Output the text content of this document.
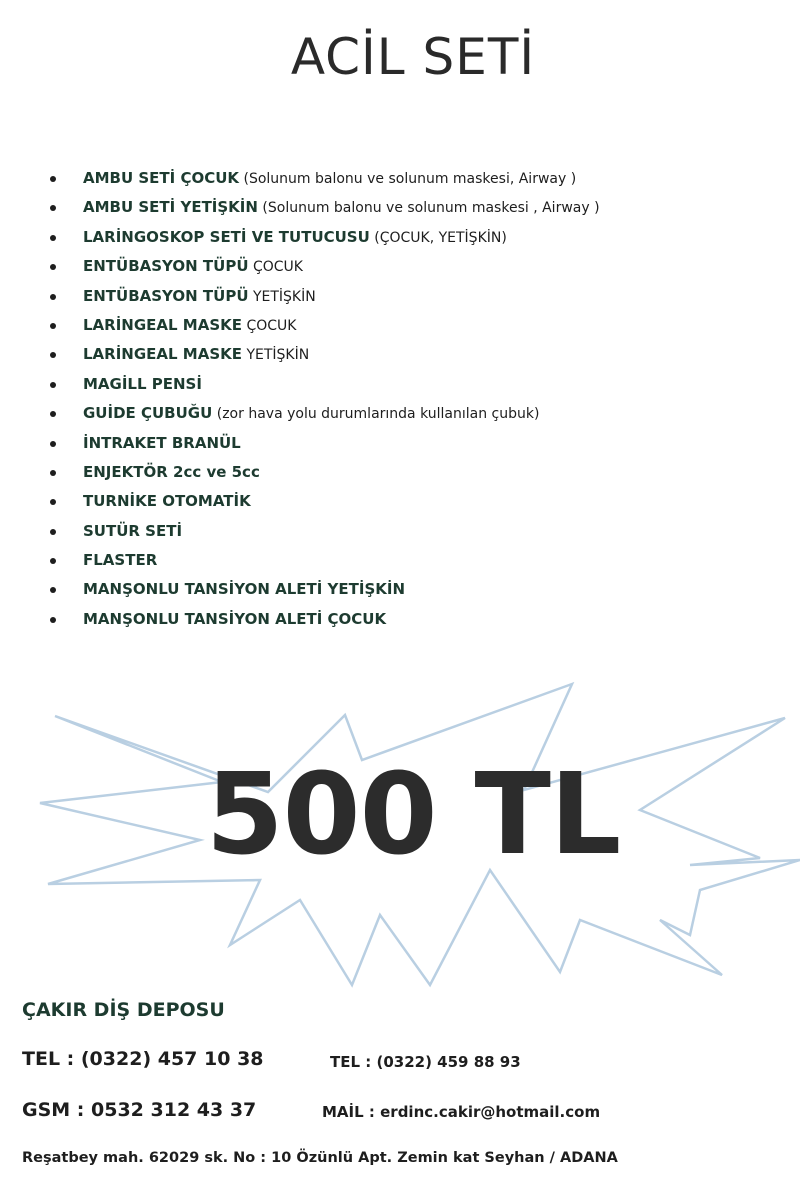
ACİL SETİ
AMBU SETİ ÇOCUK (Solunum balonu ve solunum maskesi, Airway )
AMBU SETİ YETİŞKİN (Solunum balonu ve solunum maskesi , Airway )
LARİNGOSKOP SETİ VE TUTUCUSU (ÇOCUK, YETİŞKİN)
ENTÜBASYON TÜPÜ ÇOCUK
ENTÜBASYON TÜPÜ YETİŞKİN
LARİNGEAL MASKE ÇOCUK
LARİNGEAL MASKE YETİŞKİN
MAGİLL PENSİ
GUİDE ÇUBUĞU (zor hava yolu durumlarında kullanılan çubuk)
İNTRAKET BRANÜL
ENJEKTÖR 2cc ve 5cc
TURNİKE OTOMATİK
SUTÜR SETİ
FLASTER
MANŞONLU TANSİYON ALETİ YETİŞKİN
MANŞONLU TANSİYON ALETİ ÇOCUK
500 TL
ÇAKIR DİŞ DEPOSU
TEL : (0322) 457 10 38	TEL : (0322) 459 88 93
GSM : 0532 312 43 37	MAİL : erdinc.cakir@hotmail.com
Reşatbey mah. 62029 sk. No : 10 Özünlü Apt. Zemin kat Seyhan / ADANA
